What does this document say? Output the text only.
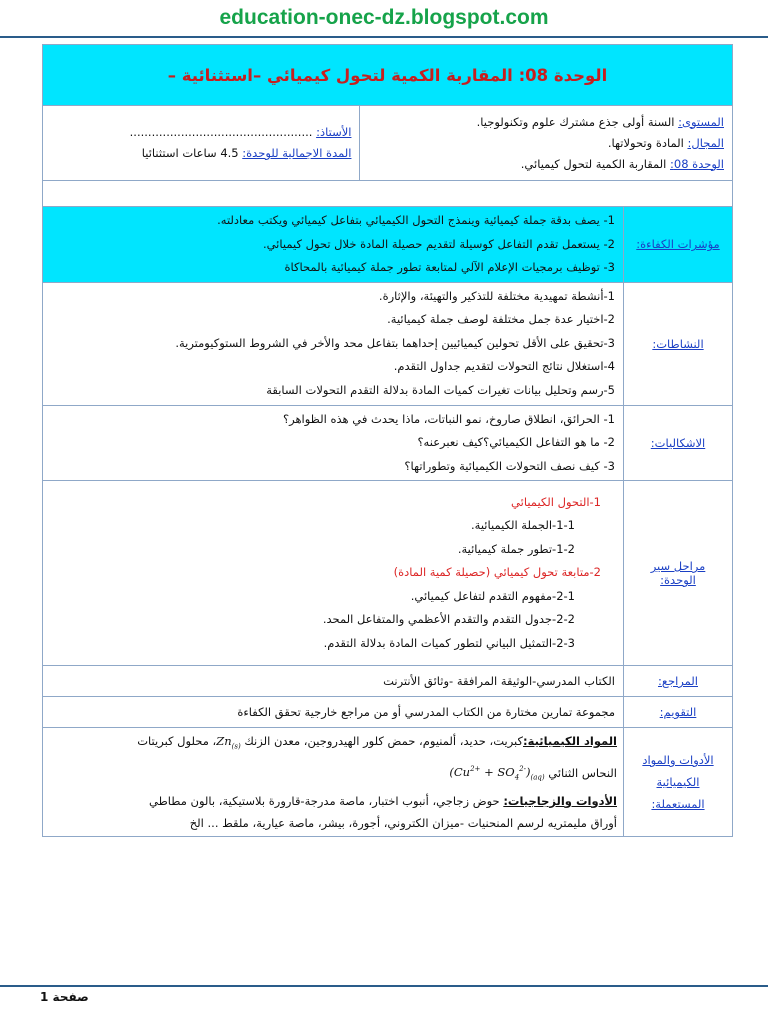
education-onec-dz.blogspot.com
الوحدة 08: المقاربة الكمية لتحول كيميائي –استثنائية –

المستوى: السنة أولى جذع مشترك علوم وتكنولوجيا.
المجال: المادة وتحولاتها.
الوحدة 08: المقاربة الكمية لتحول كيميائي.

الأستاذ: ..................................................
المدة الاجمالية للوحدة: 4.5 ساعات استثنائيا

مؤشرات الكفاءة:	
1- يصف بدقة جملة كيميائية وينمذج التحول الكيميائي بتفاعل كيميائي ويكتب معادلته.
2- يستعمل تقدم التفاعل كوسيلة لتقديم حصيلة المادة خلال تحول كيميائي.
3- توظيف برمجيات الإعلام الآلي لمتابعة تطور جملة كيميائية بالمحاكاة

النشاطات:	
1-أنشطة تمهيدية مختلفة للتذكير والتهيئة، والإثارة.
2-اختيار عدة جمل مختلفة لوصف جملة كيميائية.
3-تحقيق على الأقل تحولين كيميائيين إحداهما بتفاعل محد والأخر في الشروط الستوكيومترية.
4-استغلال نتائج التحولات لتقديم جداول التقدم.
5-رسم وتحليل بيانات تغيرات كميات المادة بدلالة التقدم التحولات السابقة

الاشكاليات:	
1- الحرائق، انطلاق صاروخ، نمو النباتات، ماذا يحدث في هذه الظواهر؟
2- ما هو التفاعل الكيميائي؟كيف نعبرعنه؟
3- كيف نصف التحولات الكيميائية وتطوراتها؟

مراحل سير الوحدة:	
1-التحول الكيميائي
1-1-الجملة الكيميائية.
1-2-تطور جملة كيميائية.
2-متابعة تحول كيميائي (حصيلة كمية المادة)
2-1-مفهوم التقدم لتفاعل كيميائي.
2-2-جدول التقدم والتقدم الأعظمي والمتفاعل المحد.
2-3-التمثيل البياني لتطور كميات المادة بدلالة التقدم.

المراجع:	الكتاب المدرسي-الوثيقة المرافقة -وثائق الأنترنت
التقويم:	مجموعة تمارين مختارة من الكتاب المدرسي أو من مراجع خارجية تحقق الكفاءة

الأدوات والمواد
الكيميائية المستعملة:

المواد الكيميائية:كبريت، حديد، ألمنيوم، حمض كلور الهيدروجين، معدن الزنك $Zn_{(s)}،$ محلول كبريتات
النحاس الثنائي $(Cu^{2+} + SO_4^{2-})_{(aq)}$
الأدوات والزجاجيات: حوض زجاجي، أنبوب اختبار، ماصة مدرجة-قارورة بلاستيكية، بالون مطاطي
أوراق مليمتريه لرسم المنحنيات -ميزان الكتروني، أجورة، بيشر، ماصة عيارية، ملقط ... الخ
صفحة 1
